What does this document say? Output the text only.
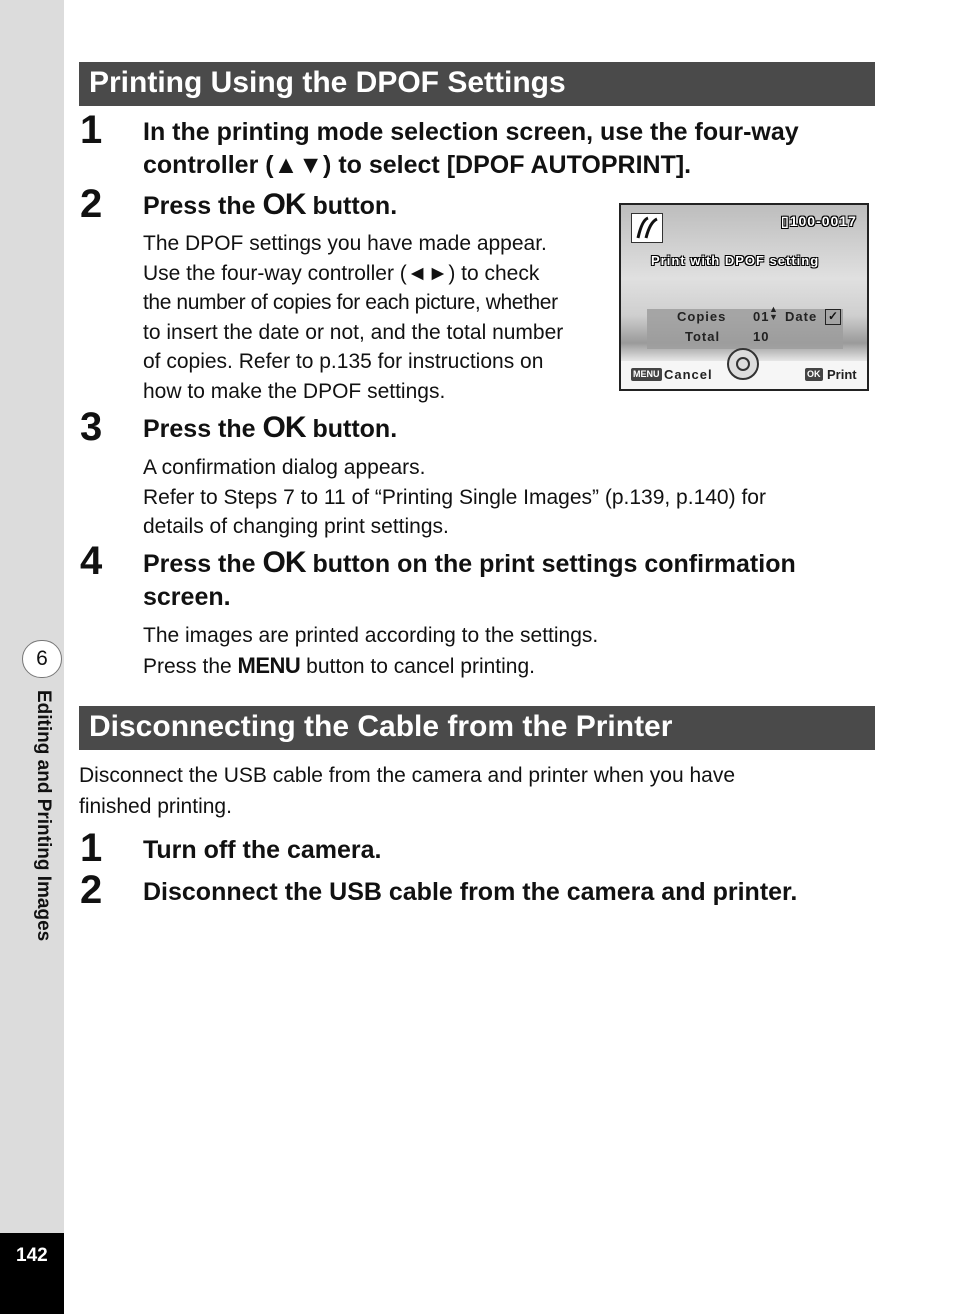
6
Editing and Printing Images
142
Printing Using the DPOF Settings
1 In the printing mode selection screen, use the four-way
controller (▲▼) to select [DPOF AUTOPRINT].
2 Press the OK button.
The DPOF settings you have made appear.
Use the four-way controller (◄►) to check
the number of copies for each picture, whether
to insert the date or not, and the total number
of copies. Refer to p.135 for instructions on
how to make the DPOF settings.
▯100-0017
Print with DPOF setting
Copies 01 ▲
▼ Date ✓
Total	10
MENU Cancel	OK Print
3 Press the OK button.
A confirmation dialog appears.
Refer to Steps 7 to 11 of “Printing Single Images” (p.139, p.140) for
details of changing print settings.
4 Press the OK button on the print settings confirmation
screen.
The images are printed according to the settings.
Press the MENU button to cancel printing.
Disconnecting the Cable from the Printer
Disconnect the USB cable from the camera and printer when you have
finished printing.
1 Turn off the camera.
2 Disconnect the USB cable from the camera and printer.
